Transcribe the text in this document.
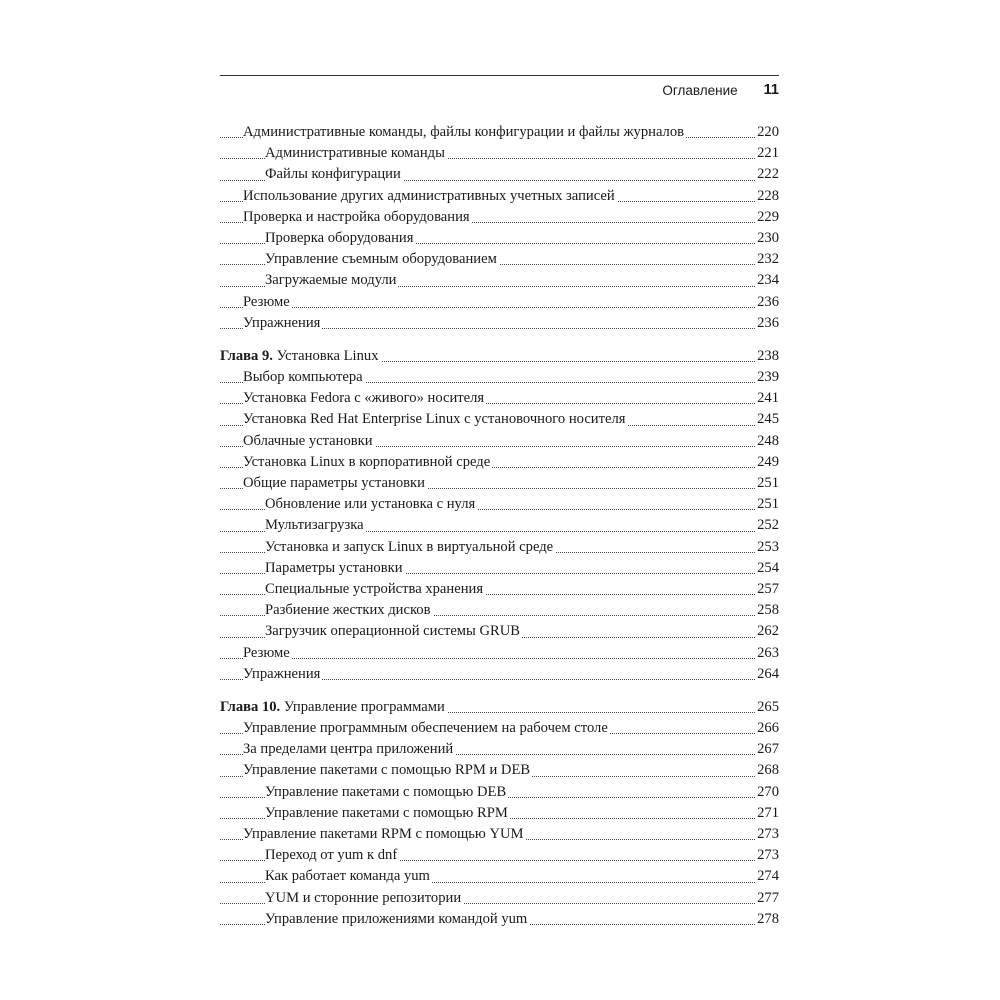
Оглавление 11
Административные команды, файлы конфигурации и файлы журналов	220
Административные команды	221
Файлы конфигурации	222
Использование других административных учетных записей	228
Проверка и настройка оборудования	229
Проверка оборудования	230
Управление съемным оборудованием	232
Загружаемые модули	234
Резюме	236
Упражнения	236
Глава 9. Установка Linux	238
Выбор компьютера	239
Установка Fedora с «живого» носителя	241
Установка Red Hat Enterprise Linux с установочного носителя	245
Облачные установки	248
Установка Linux в корпоративной среде	249
Общие параметры установки	251
Обновление или установка с нуля	251
Мультизагрузка	252
Установка и запуск Linux в виртуальной среде	253
Параметры установки	254
Специальные устройства хранения	257
Разбиение жестких дисков	258
Загрузчик операционной системы GRUB	262
Резюме	263
Упражнения	264
Глава 10. Управление программами	265
Управление программным обеспечением на рабочем столе	266
За пределами центра приложений	267
Управление пакетами с помощью RPM и DEB	268
Управление пакетами с помощью DEB	270
Управление пакетами с помощью RPM	271
Управление пакетами RPM с помощью YUM	273
Переход от yum к dnf	273
Как работает команда yum	274
YUM и сторонние репозитории	277
Управление приложениями командой yum	278
